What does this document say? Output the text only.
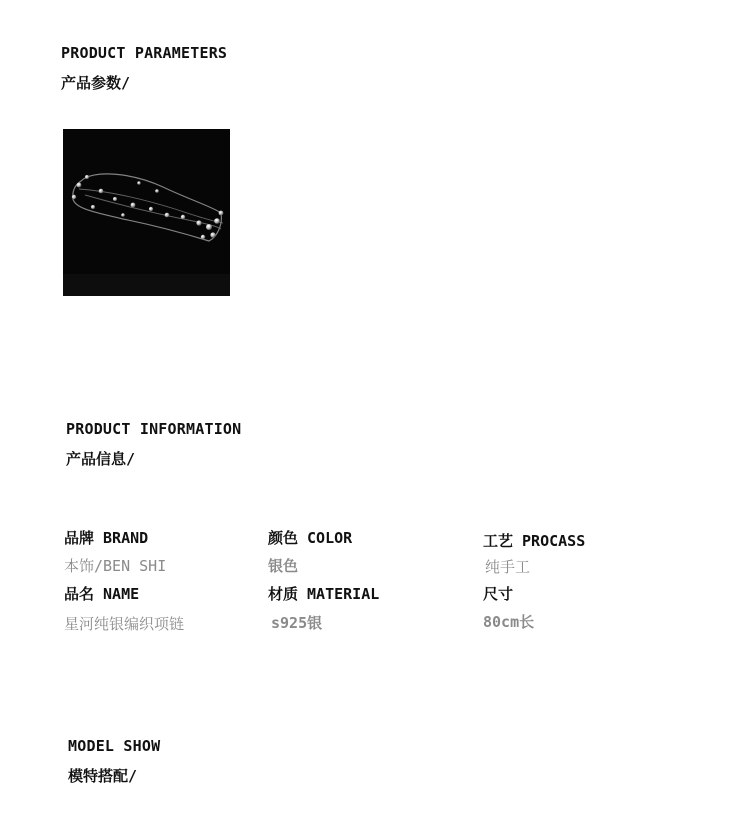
PRODUCT PARAMETERS
产品参数/
PRODUCT INFORMATION
产品信息/
品牌 BRAND
本饰/BEN SHI
颜色 COLOR
银色
工艺 PROCASS
纯手工
品名 NAME
星河纯银编织项链
材质 MATERIAL
s925银
尺寸
80cm长
MODEL SHOW
模特搭配/
